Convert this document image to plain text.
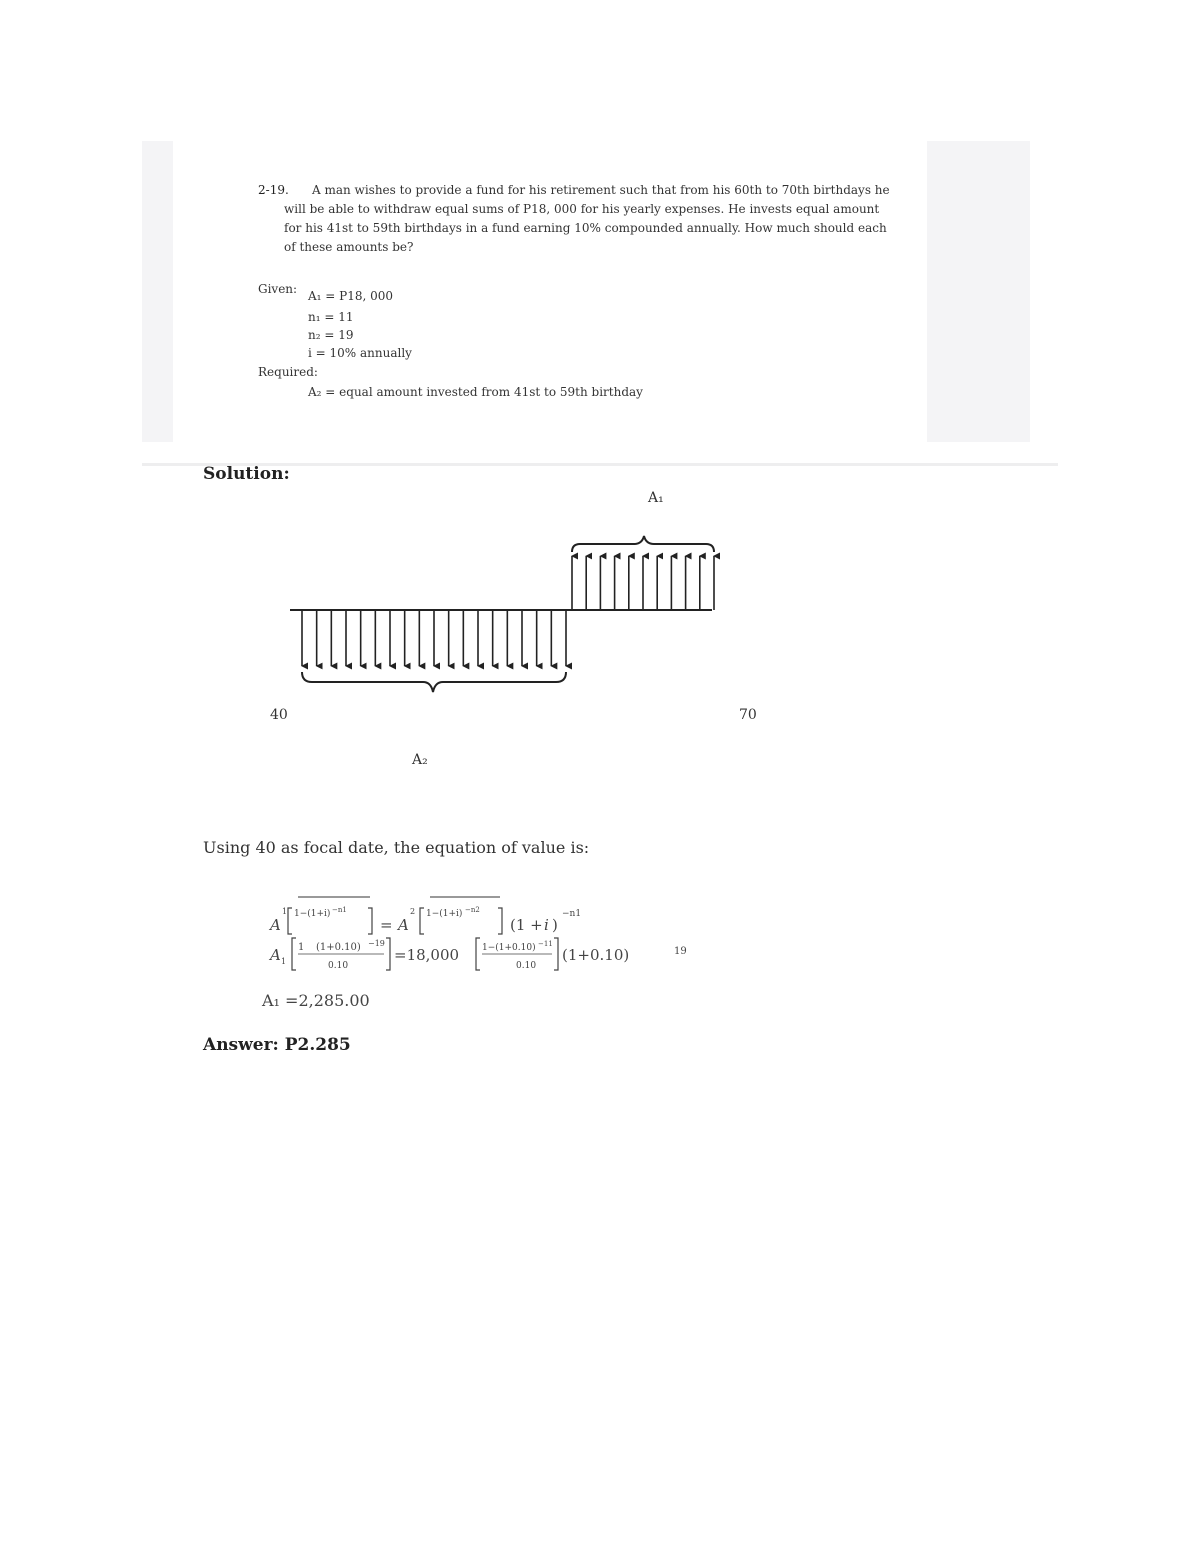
2-19. A man wishes to provide a fund for his retirement such that from his 60th to 70th birthdays he
will be able to withdraw equal sums of P18, 000 for his yearly expenses. He invests equal amount
for his 41st to 59th birthdays in a fund earning 10% compounded annually. How much should each
of these amounts be?
Given: A₁ = P18, 000
n₁ = 11
n₂ = 19
i = 10% annually
Required:
A₂ = equal amount invested from 41st to 59th birthday
Solution:
A₁
40	70
A₂
Using 40 as focal date, the equation of value is:
A
1 1−(1+i) −n1
= A
2 1−(1+i) −n2
(1 + i )
−n1
A 1
1 (1+0.10) −19
0.10
=18,000	1−(1+0.10) −11
0.10
(1+0.10)	19
A₁ =2,285.00
Answer: P2.285
